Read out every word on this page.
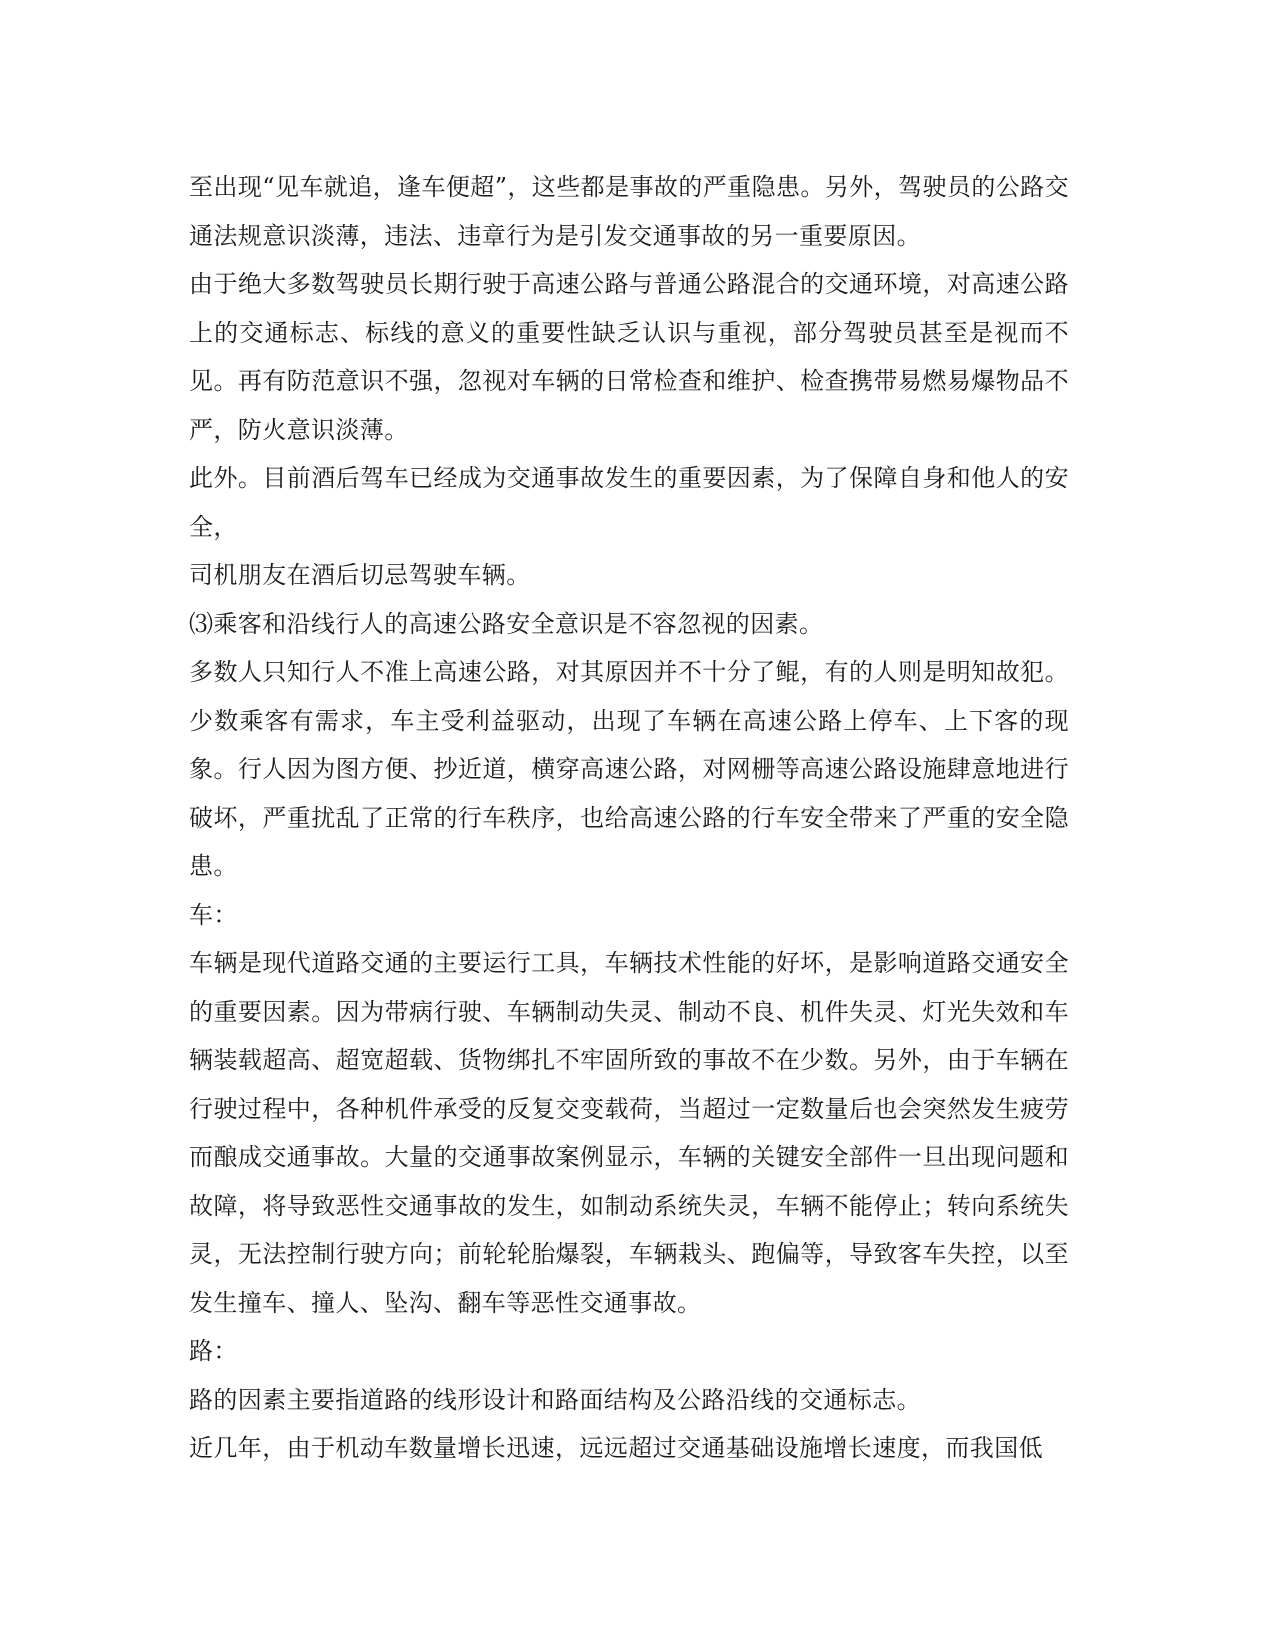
至出现“见车就追，逢车便超”，这些都是事故的严重隐患。另外，驾驶员的公路交通法规意识淡薄，违法、违章行为是引发交通事故的另一重要原因。

由于绝大多数驾驶员长期行驶于高速公路与普通公路混合的交通环境，对高速公路上的交通标志、标线的意义的重要性缺乏认识与重视，部分驾驶员甚至是视而不见。再有防范意识不强，忽视对车辆的日常检查和维护、检查携带易燃易爆物品不严，防火意识淡薄。

此外。目前酒后驾车已经成为交通事故发生的重要因素，为了保障自身和他人的安全，

司机朋友在酒后切忌驾驶车辆。

⑶乘客和沿线行人的高速公路安全意识是不容忽视的因素。

多数人只知行人不准上高速公路，对其原因并不十分了鲲，有的人则是明知故犯。少数乘客有需求，车主受利益驱动，出现了车辆在高速公路上停车、上下客的现象。行人因为图方便、抄近道，横穿高速公路，对网栅等高速公路设施肆意地进行破坏，严重扰乱了正常的行车秩序，也给高速公路的行车安全带来了严重的安全隐患。

车：

车辆是现代道路交通的主要运行工具，车辆技术性能的好坏，是影响道路交通安全的重要因素。因为带病行驶、车辆制动失灵、制动不良、机件失灵、灯光失效和车辆装载超高、超宽超载、货物绑扎不牢固所致的事故不在少数。另外，由于车辆在行驶过程中，各种机件承受的反复交变载荷，当超过一定数量后也会突然发生疲劳而酿成交通事故。大量的交通事故案例显示，车辆的关键安全部件一旦出现问题和故障，将导致恶性交通事故的发生，如制动系统失灵，车辆不能停止；转向系统失灵，无法控制行驶方向；前轮轮胎爆裂，车辆栽头、跑偏等，导致客车失控，以至发生撞车、撞人、坠沟、翻车等恶性交通事故。

路：

路的因素主要指道路的线形设计和路面结构及公路沿线的交通标志。

近几年，由于机动车数量增长迅速，远远超过交通基础设施增长速度，而我国低
